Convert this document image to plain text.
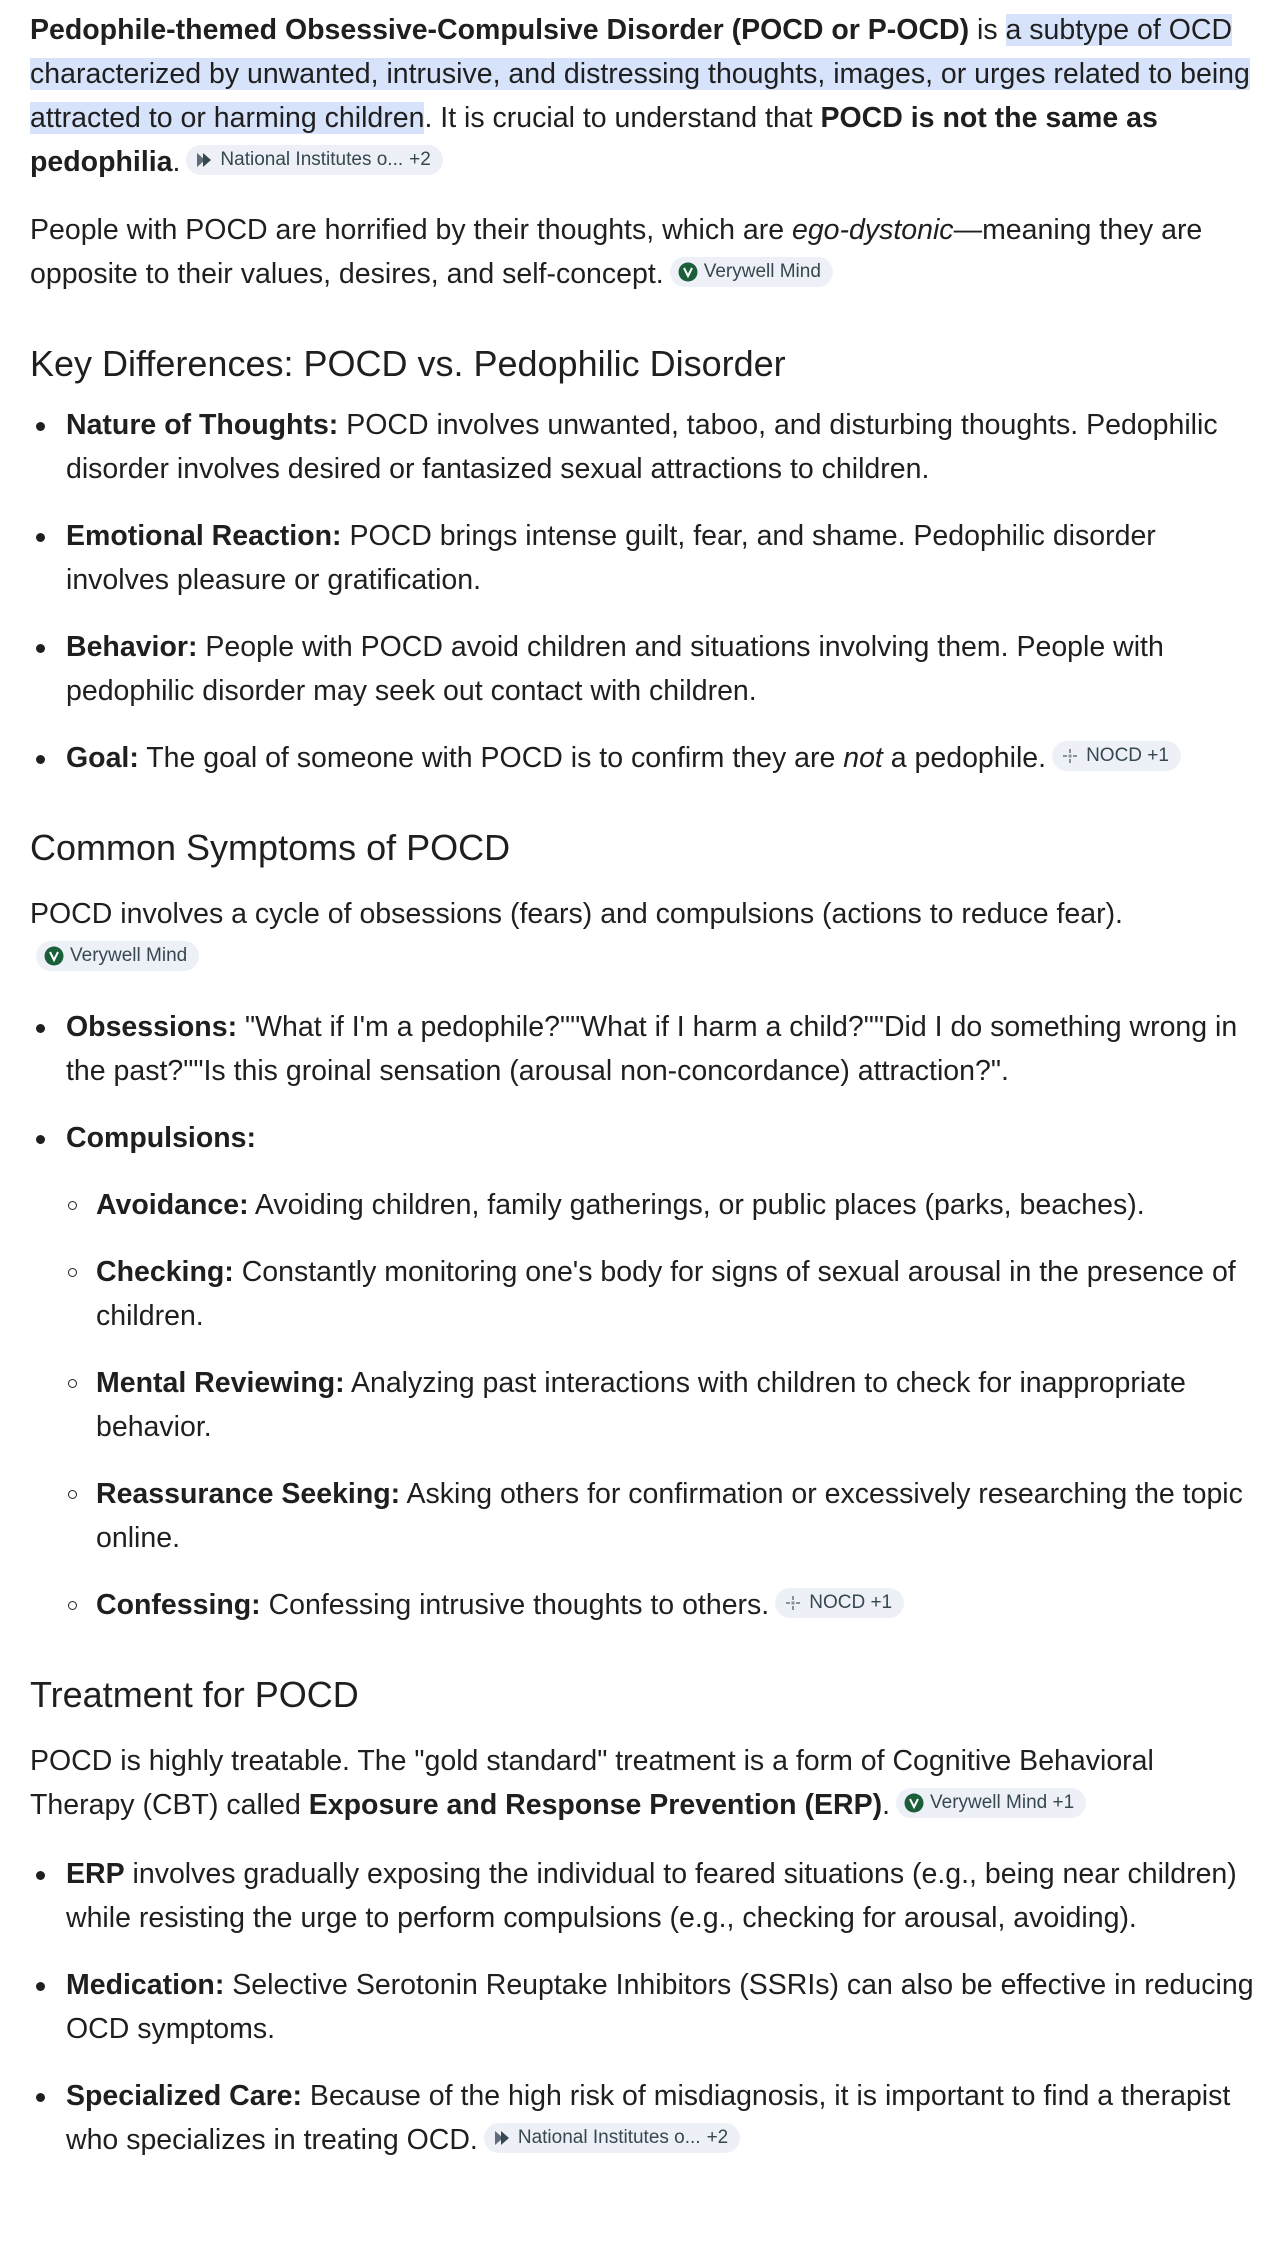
Pedophile-themed Obsessive-Compulsive Disorder (POCD or P-OCD) is a subtype of OCD characterized by unwanted, intrusive, and distressing thoughts, images, or urges related to being attracted to or harming children. It is crucial to understand that POCD is not the same as pedophilia. National Institutes o... +2

People with POCD are horrified by their thoughts, which are ego-dystonic—meaning they are opposite to their values, desires, and self-concept. Verywell Mind

Key Differences: POCD vs. Pedophilic Disorder
Nature of Thoughts: POCD involves unwanted, taboo, and disturbing thoughts. Pedophilic disorder involves desired or fantasized sexual attractions to children.
Emotional Reaction: POCD brings intense guilt, fear, and shame. Pedophilic disorder involves pleasure or gratification.
Behavior: People with POCD avoid children and situations involving them. People with pedophilic disorder may seek out contact with children.
Goal: The goal of someone with POCD is to confirm they are not a pedophile. NOCD +1
Common Symptoms of POCD

POCD involves a cycle of obsessions (fears) and compulsions (actions to reduce fear).
Verywell Mind

Obsessions: "What if I'm a pedophile?""What if I harm a child?""Did I do something wrong in the past?""Is this groinal sensation (arousal non-concordance) attraction?".
Compulsions:
Avoidance: Avoiding children, family gatherings, or public places (parks, beaches).
Checking: Constantly monitoring one's body for signs of sexual arousal in the presence of children.
Mental Reviewing: Analyzing past interactions with children to check for inappropriate behavior.
Reassurance Seeking: Asking others for confirmation or excessively researching the topic online.
Confessing: Confessing intrusive thoughts to others. NOCD +1
Treatment for POCD

POCD is highly treatable. The "gold standard" treatment is a form of Cognitive Behavioral Therapy (CBT) called Exposure and Response Prevention (ERP). Verywell Mind +1

ERP involves gradually exposing the individual to feared situations (e.g., being near children) while resisting the urge to perform compulsions (e.g., checking for arousal, avoiding).
Medication: Selective Serotonin Reuptake Inhibitors (SSRIs) can also be effective in reducing OCD symptoms.
Specialized Care: Because of the high risk of misdiagnosis, it is important to find a therapist who specializes in treating OCD. National Institutes o... +2
